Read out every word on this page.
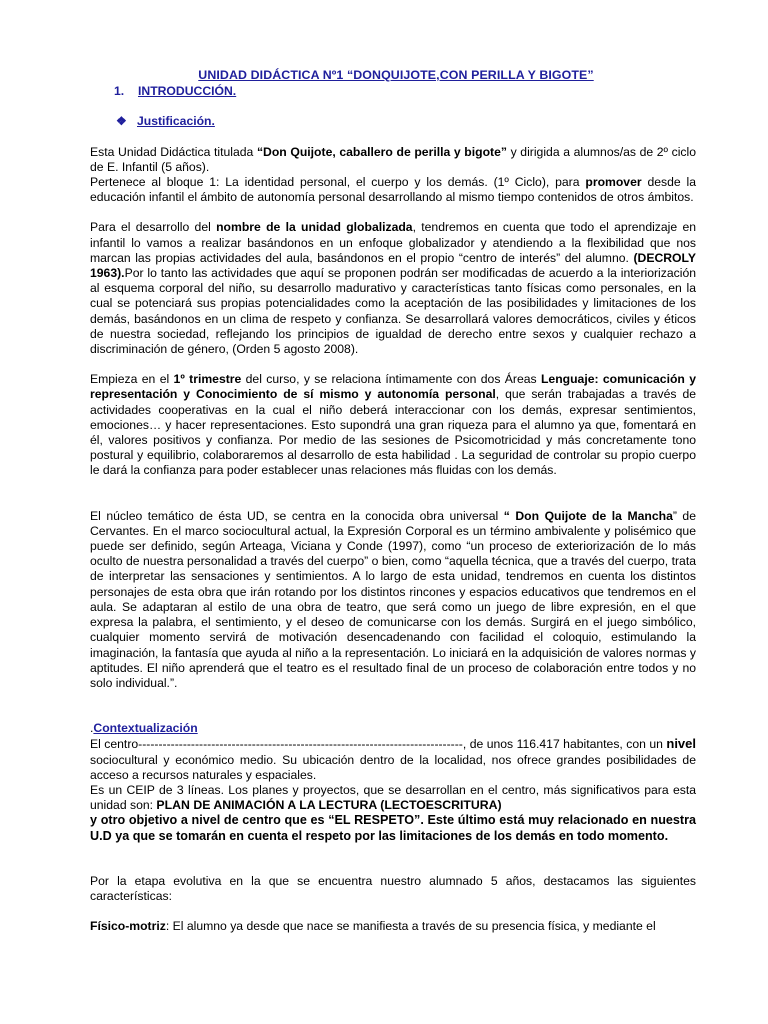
UNIDAD DIDÁCTICA Nº1 “DONQUIJOTE,CON PERILLA Y BIGOTE”
1. INTRODUCCIÓN.
❖ Justificación.

Esta Unidad Didáctica titulada “Don Quijote, caballero de perilla y bigote” y dirigida a alumnos/as de 2º ciclo de E. Infantil (5 años).

Pertenece al bloque 1: La identidad personal, el cuerpo y los demás. (1º Ciclo), para promover desde la educación infantil el ámbito de autonomía personal desarrollando al mismo tiempo contenidos de otros ámbitos.

Para el desarrollo del nombre de la unidad globalizada, tendremos en cuenta que todo el aprendizaje en infantil lo vamos a realizar basándonos en un enfoque globalizador y atendiendo a la flexibilidad que nos marcan las propias actividades del aula, basándonos en el propio “centro de interés” del alumno. (DECROLY 1963).Por lo tanto las actividades que aquí se proponen podrán ser modificadas de acuerdo a la interiorización al esquema corporal del niño, su desarrollo madurativo y características tanto físicas como personales, en la cual se potenciará sus propias potencialidades como la aceptación de las posibilidades y limitaciones de los demás, basándonos en un clima de respeto y confianza. Se desarrollará valores democráticos, civiles y éticos de nuestra sociedad, reflejando los principios de igualdad de derecho entre sexos y cualquier rechazo a discriminación de género, (Orden 5 agosto 2008).

Empieza en el 1º trimestre del curso, y se relaciona íntimamente con dos Áreas Lenguaje: comunicación y representación y Conocimiento de sí mismo y autonomía personal, que serán trabajadas a través de actividades cooperativas en la cual el niño deberá interaccionar con los demás, expresar sentimientos, emociones… y hacer representaciones. Esto supondrá una gran riqueza para el alumno ya que, fomentará en él, valores positivos y confianza. Por medio de las sesiones de Psicomotricidad y más concretamente tono postural y equilibrio, colaboraremos al desarrollo de esta habilidad . La seguridad de controlar su propio cuerpo le dará la confianza para poder establecer unas relaciones más fluidas con los demás.

El núcleo temático de ésta UD, se centra en la conocida obra universal “ Don Quijote de la Mancha” de Cervantes. En el marco sociocultural actual, la Expresión Corporal es un término ambivalente y polisémico que puede ser definido, según Arteaga, Viciana y Conde (1997), como “un proceso de exteriorización de lo más oculto de nuestra personalidad a través del cuerpo” o bien, como “aquella técnica, que a través del cuerpo, trata de interpretar las sensaciones y sentimientos. A lo largo de esta unidad, tendremos en cuenta los distintos personajes de esta obra que irán rotando por los distintos rincones y espacios educativos que tendremos en el aula. Se adaptaran al estilo de una obra de teatro, que será como un juego de libre expresión, en el que expresa la palabra, el sentimiento, y el deseo de comunicarse con los demás. Surgirá en el juego simbólico, cualquier momento servirá de motivación desencadenando con facilidad el coloquio, estimulando la imaginación, la fantasía que ayuda al niño a la representación. Lo iniciará en la adquisición de valores normas y aptitudes. El niño aprenderá que el teatro es el resultado final de un proceso de colaboración entre todos y no solo individual.”.

.Contextualización

El centro--------------------------------------------------------------------------------, de unos 116.417 habitantes, con un nivel sociocultural y económico medio. Su ubicación dentro de la localidad, nos ofrece grandes posibilidades de acceso a recursos naturales y espaciales.

Es un CEIP de 3 líneas. Los planes y proyectos, que se desarrollan en el centro, más significativos para esta unidad son: PLAN DE ANIMACIÓN A LA LECTURA (LECTOESCRITURA)

y otro objetivo a nivel de centro que es “EL RESPETO”. Este último está muy relacionado en nuestra U.D ya que se tomarán en cuenta el respeto por las limitaciones de los demás en todo momento.

Por la etapa evolutiva en la que se encuentra nuestro alumnado 5 años, destacamos las siguientes características:

Físico-motriz: El alumno ya desde que nace se manifiesta a través de su presencia física, y mediante el
